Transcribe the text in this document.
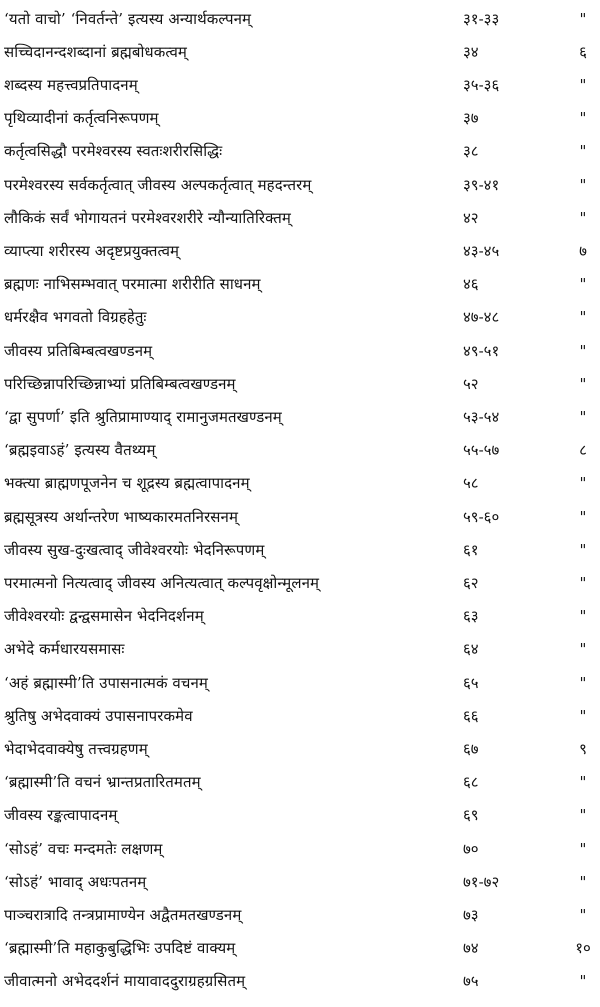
‘यतो वाचो’ ‘निवर्तन्ते’ इत्यस्य अन्यार्थकल्पनम्	३१-३३	"
सच्चिदानन्दशब्दानां ब्रह्मबोधकत्वम्	३४	६
शब्दस्य महत्त्वप्रतिपादनम्	३५-३६	"
पृथिव्यादीनां कर्तृत्वनिरूपणम्	३७	"
कर्तृत्वसिद्धौ परमेश्वरस्य स्वतःशरीरसिद्धिः	३८	"
परमेश्वरस्य सर्वकर्तृत्वात् जीवस्य अल्पकर्तृत्वात् महदन्तरम्	३९-४१	"
लौकिकं सर्वं भोगायतनं परमेश्वरशरीरे न्यौन्यातिरिक्तम्	४२	"
व्याप्त्या शरीरस्य अदृष्टप्रयुक्तत्वम्	४३-४५	७
ब्रह्मणः नाभिसम्भवात् परमात्मा शरीरीति साधनम्	४६	"
धर्मरक्षैव भगवतो विग्रहहेतुः	४७-४८	"
जीवस्य प्रतिबिम्बत्वखण्डनम्	४९-५१	"
परिच्छिन्नापरिच्छिन्नाभ्यां प्रतिबिम्बत्वखण्डनम्	५२	"
‘द्वा सुपर्णा’ इति श्रुतिप्रामाण्याद् रामानुजमतखण्डनम्	५३-५४	"
‘ब्रह्मइवाऽहं’ इत्यस्य वैतथ्यम्	५५-५७	८
भक्त्या ब्राह्मणपूजनेन च शूद्रस्य ब्रह्मत्वापादनम्	५८	"
ब्रह्मसूत्रस्य अर्थान्तरेण भाष्यकारमतनिरसनम्	५९-६०	"
जीवस्य सुख-दुःखत्वाद् जीवेश्वरयोः भेदनिरूपणम्	६१	"
परमात्मनो नित्यत्वाद् जीवस्य अनित्यत्वात् कल्पवृक्षोन्मूलनम्	६२	"
जीवेश्वरयोः द्वन्द्वसमासेन भेदनिदर्शनम्	६३	"
अभेदे कर्मधारयसमासः	६४	"
‘अहं ब्रह्मास्मी’ति उपासनात्मकं वचनम्	६५	"
श्रुतिषु अभेदवाक्यं उपासनापरकमेव	६६	"
भेदाभेदवाक्येषु तत्त्वग्रहणम्	६७	९
‘ब्रह्मास्मी’ति वचनं भ्रान्तप्रतारितमतम्	६८	"
जीवस्य रङ्कत्वापादनम्	६९	"
‘सोऽहं’ वचः मन्दमतेः लक्षणम्	७०	"
‘सोऽहं’ भावाद् अधःपतनम्	७१-७२	"
पाञ्चरात्रादि तन्त्रप्रामाण्येन अद्वैतमतखण्डनम्	७३	"
‘ब्रह्मास्मी’ति महाकुबुद्धिभिः उपदिष्टं वाक्यम्	७४	१०
जीवात्मनो अभेददर्शनं मायावाददुराग्रहग्रसितम्	७५	"
